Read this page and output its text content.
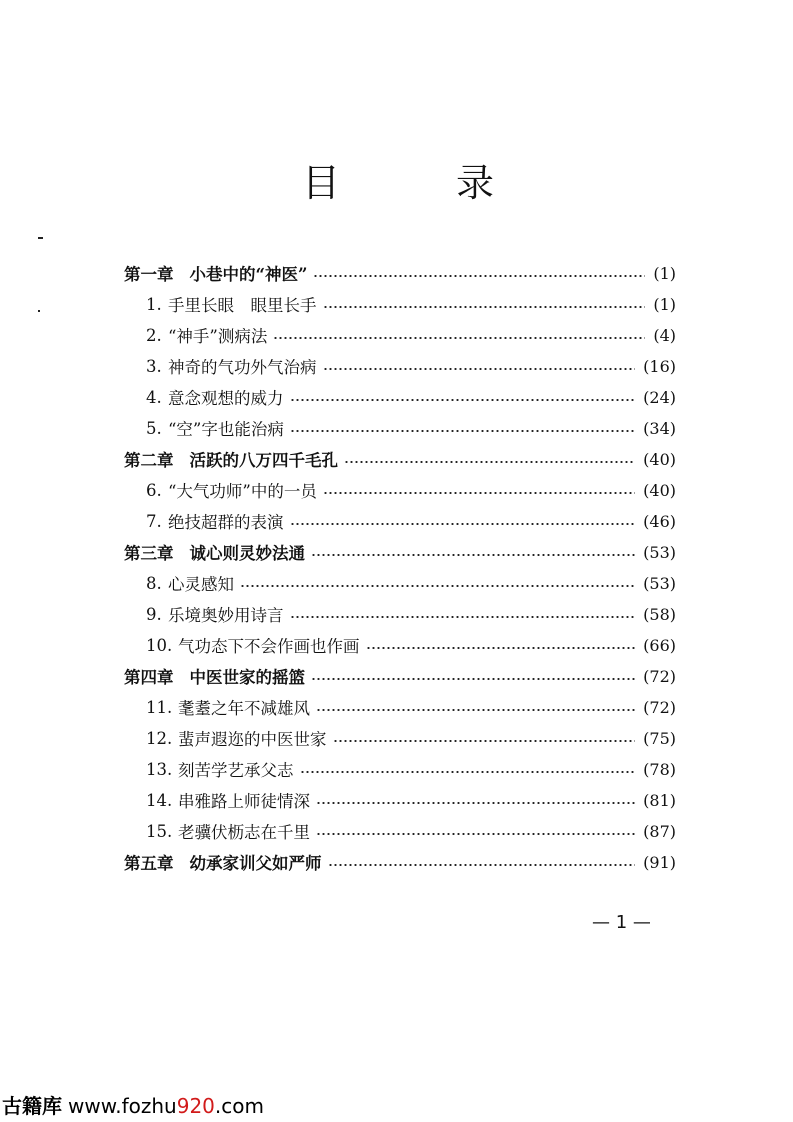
目	录
第一章 小巷中的“神医”	(1)
1. 手里长眼　眼里长手	(1)
2. “神手”测病法	(4)
3. 神奇的气功外气治病	(16)
4. 意念观想的威力	(24)
5. “空”字也能治病	(34)
第二章 活跃的八万四千毛孔	(40)
6. “大气功师”中的一员	(40)
7. 绝技超群的表演	(46)
第三章 诚心则灵妙法通	(53)
8. 心灵感知	(53)
9. 乐境奥妙用诗言	(58)
10. 气功态下不会作画也作画	(66)
第四章 中医世家的摇篮	(72)
11. 耄耋之年不减雄风	(72)
12. 蜚声遐迩的中医世家	(75)
13. 刻苦学艺承父志	(78)
14. 串雅路上师徒情深	(81)
15. 老骥伏枥志在千里	(87)
第五章 幼承家训父如严师	(91)
— 1 —
古籍库 www.fozhu920.com
